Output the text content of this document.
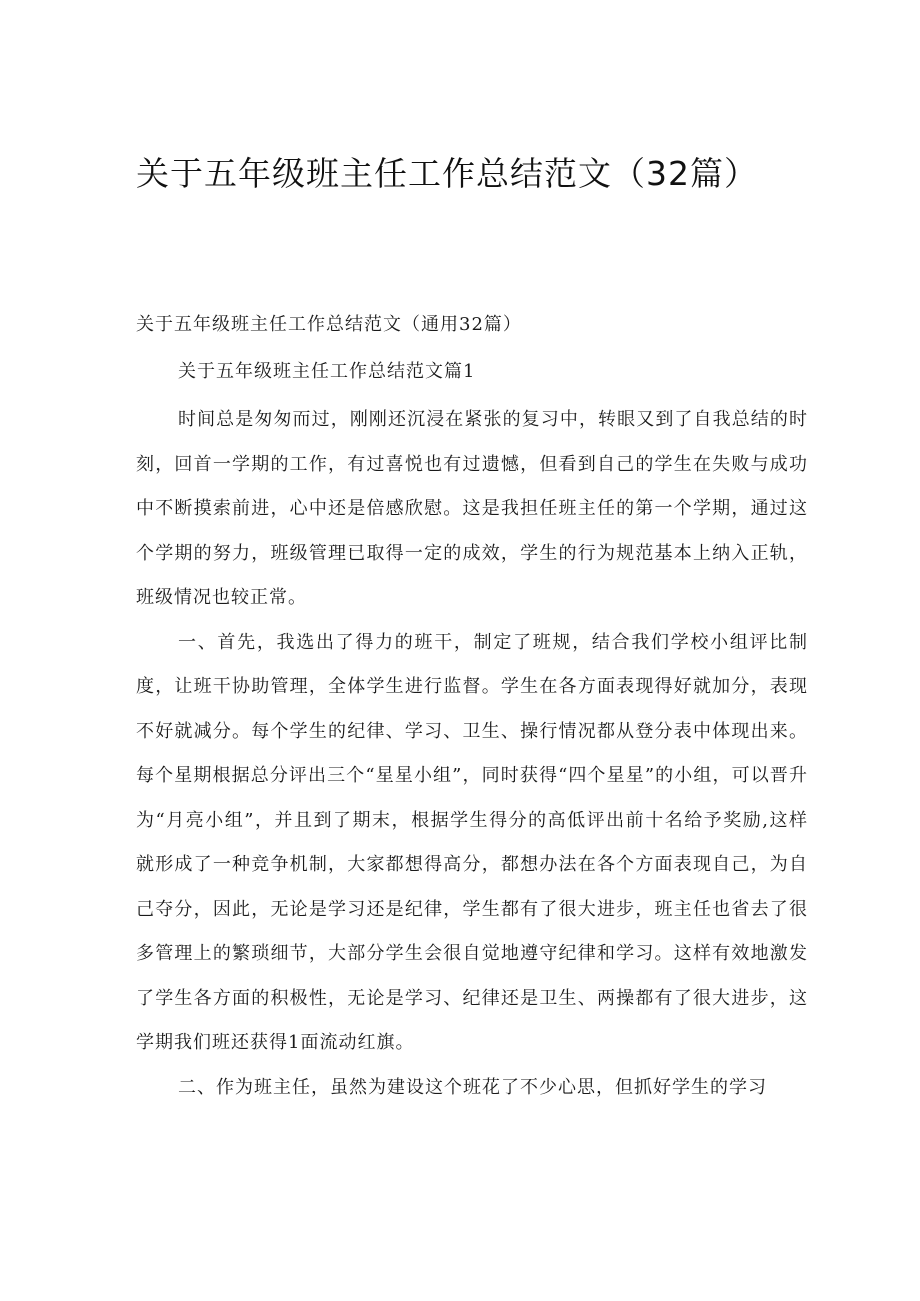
关于五年级班主任工作总结范文（32篇）

关于五年级班主任工作总结范文（通用32篇）

关于五年级班主任工作总结范文篇1

时间总是匆匆而过，刚刚还沉浸在紧张的复习中，转眼又到了自我总结的时刻，回首一学期的工作，有过喜悦也有过遗憾，但看到自己的学生在失败与成功中不断摸索前进，心中还是倍感欣慰。这是我担任班主任的第一个学期，通过这个学期的努力，班级管理已取得一定的成效，学生的行为规范基本上纳入正轨，班级情况也较正常。

一、首先，我选出了得力的班干，制定了班规，结合我们学校小组评比制度，让班干协助管理，全体学生进行监督。学生在各方面表现得好就加分，表现不好就减分。每个学生的纪律、学习、卫生、操行情况都从登分表中体现出来。每个星期根据总分评出三个“星星小组”，同时获得“四个星星”的小组，可以晋升为“月亮小组”，并且到了期末，根据学生得分的高低评出前十名给予奖励,这样就形成了一种竞争机制，大家都想得高分，都想办法在各个方面表现自己，为自己夺分，因此，无论是学习还是纪律，学生都有了很大进步，班主任也省去了很多管理上的繁琐细节，大部分学生会很自觉地遵守纪律和学习。这样有效地激发了学生各方面的积极性，无论是学习、纪律还是卫生、两操都有了很大进步，这学期我们班还获得1面流动红旗。

二、作为班主任，虽然为建设这个班花了不少心思，但抓好学生的学习
